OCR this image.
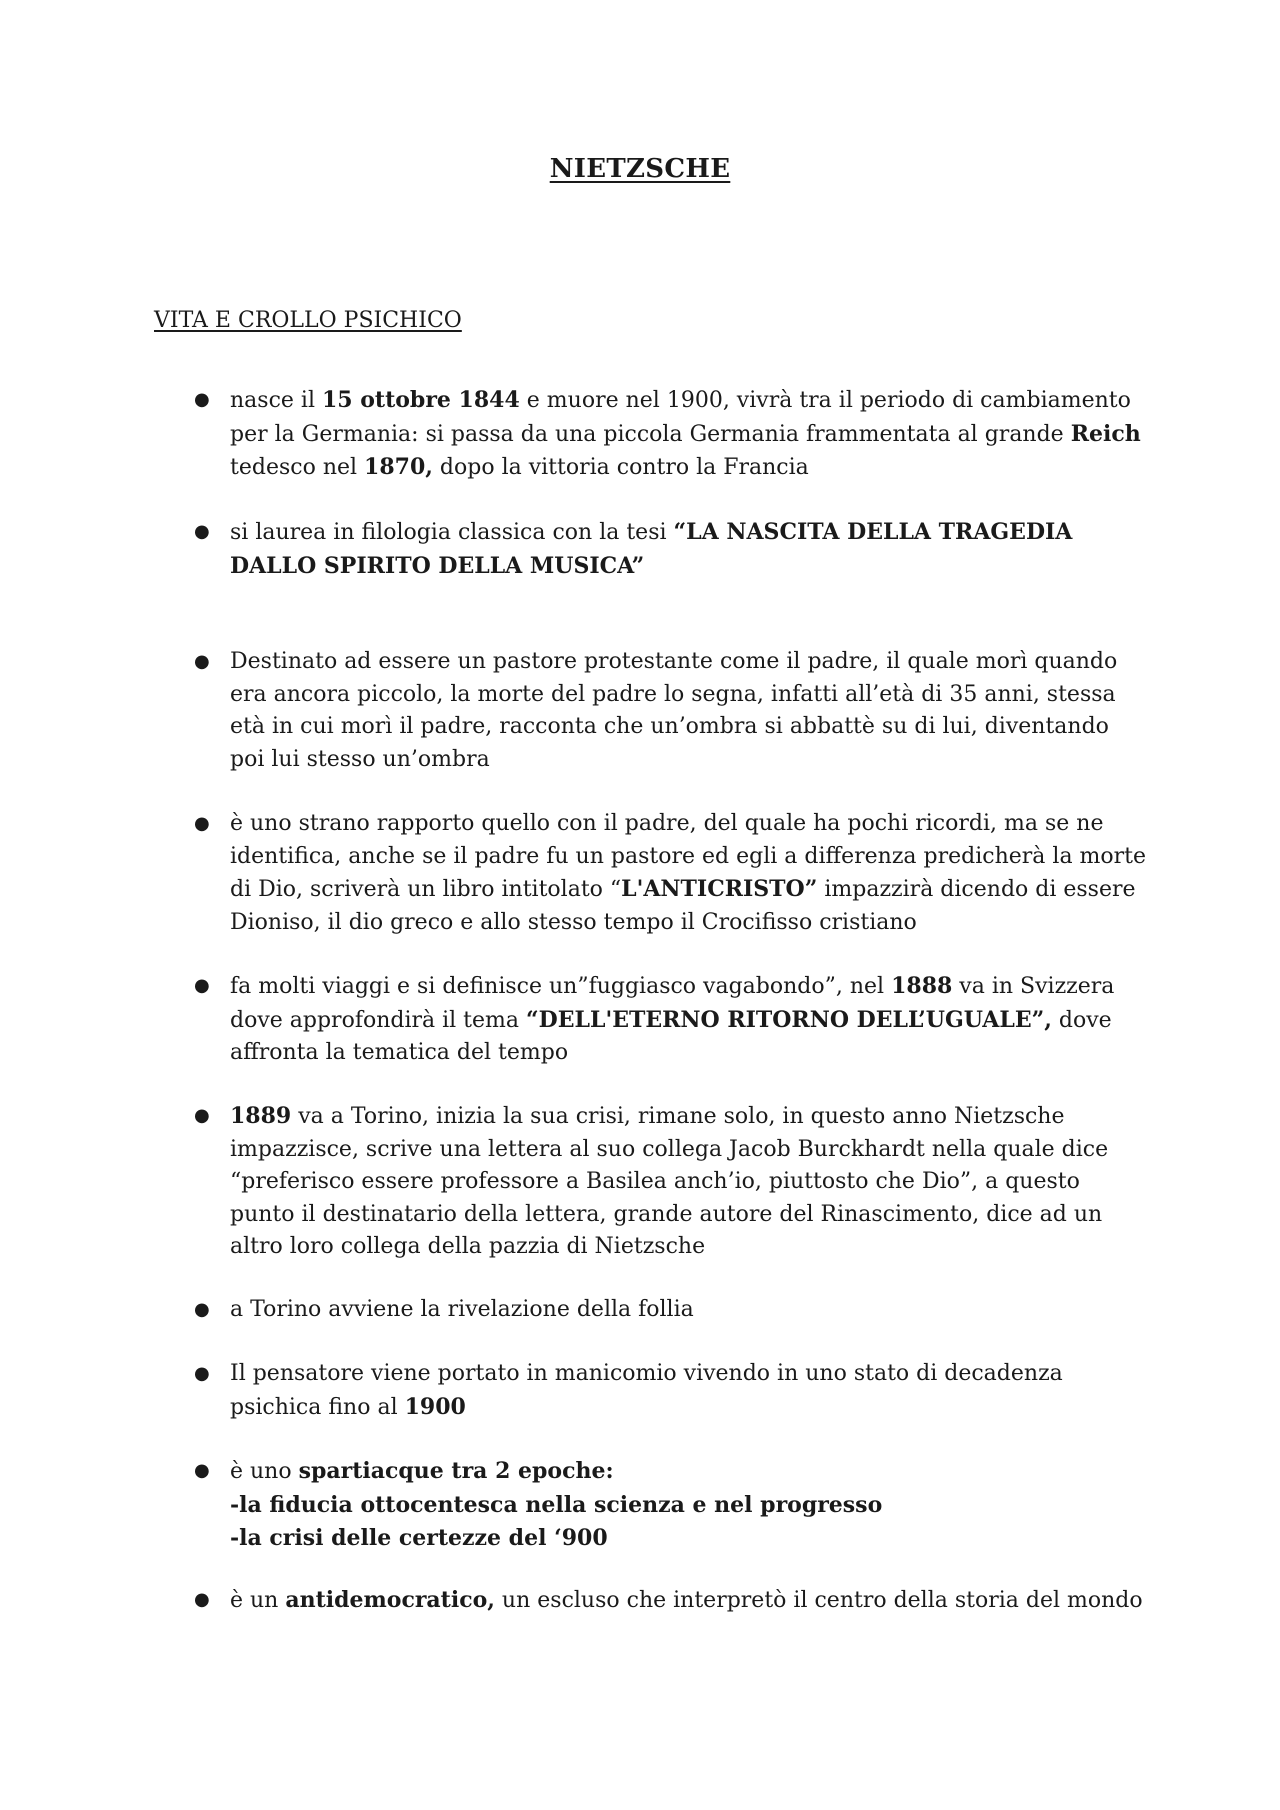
NIETZSCHE
VITA E CROLLO PSICHICO
●
nasce il 15 ottobre 1844 e muore nel 1900, vivrà tra il periodo di cambiamento per la Germania: si passa da una piccola Germania frammentata al grande Reich tedesco nel 1870, dopo la vittoria contro la Francia
●
si laurea in filologia classica con la tesi “LA NASCITA DELLA TRAGEDIA DALLO SPIRITO DELLA MUSICA”
●
Destinato ad essere un pastore protestante come il padre, il quale morì quando era ancora piccolo, la morte del padre lo segna, infatti all’età di 35 anni, stessa età in cui morì il padre, racconta che un’ombra si abbattè su di lui, diventando poi lui stesso un’ombra
●
è uno strano rapporto quello con il padre, del quale ha pochi ricordi, ma se ne identifica, anche se il padre fu un pastore ed egli a differenza predicherà la morte di Dio, scriverà un libro intitolato “L'ANTICRISTO” impazzirà dicendo di essere Dioniso, il dio greco e allo stesso tempo il Crocifisso cristiano
●
fa molti viaggi e si definisce un”fuggiasco vagabondo”, nel 1888 va in Svizzera dove approfondirà il tema “DELL'ETERNO RITORNO DELL’UGUALE”, dove affronta la tematica del tempo
●
1889 va a Torino, inizia la sua crisi, rimane solo, in questo anno Nietzsche impazzisce, scrive una lettera al suo collega Jacob Burckhardt nella quale dice “preferisco essere professore a Basilea anch’io, piuttosto che Dio”, a questo punto il destinatario della lettera, grande autore del Rinascimento, dice ad un altro loro collega della pazzia di Nietzsche
●
a Torino avviene la rivelazione della follia
●
Il pensatore viene portato in manicomio vivendo in uno stato di decadenza psichica fino al 1900
●
è uno spartiacque tra 2 epoche:
-la fiducia ottocentesca nella scienza e nel progresso
-la crisi delle certezze del ‘900
●
è un antidemocratico, un escluso che interpretò il centro della storia del mondo
